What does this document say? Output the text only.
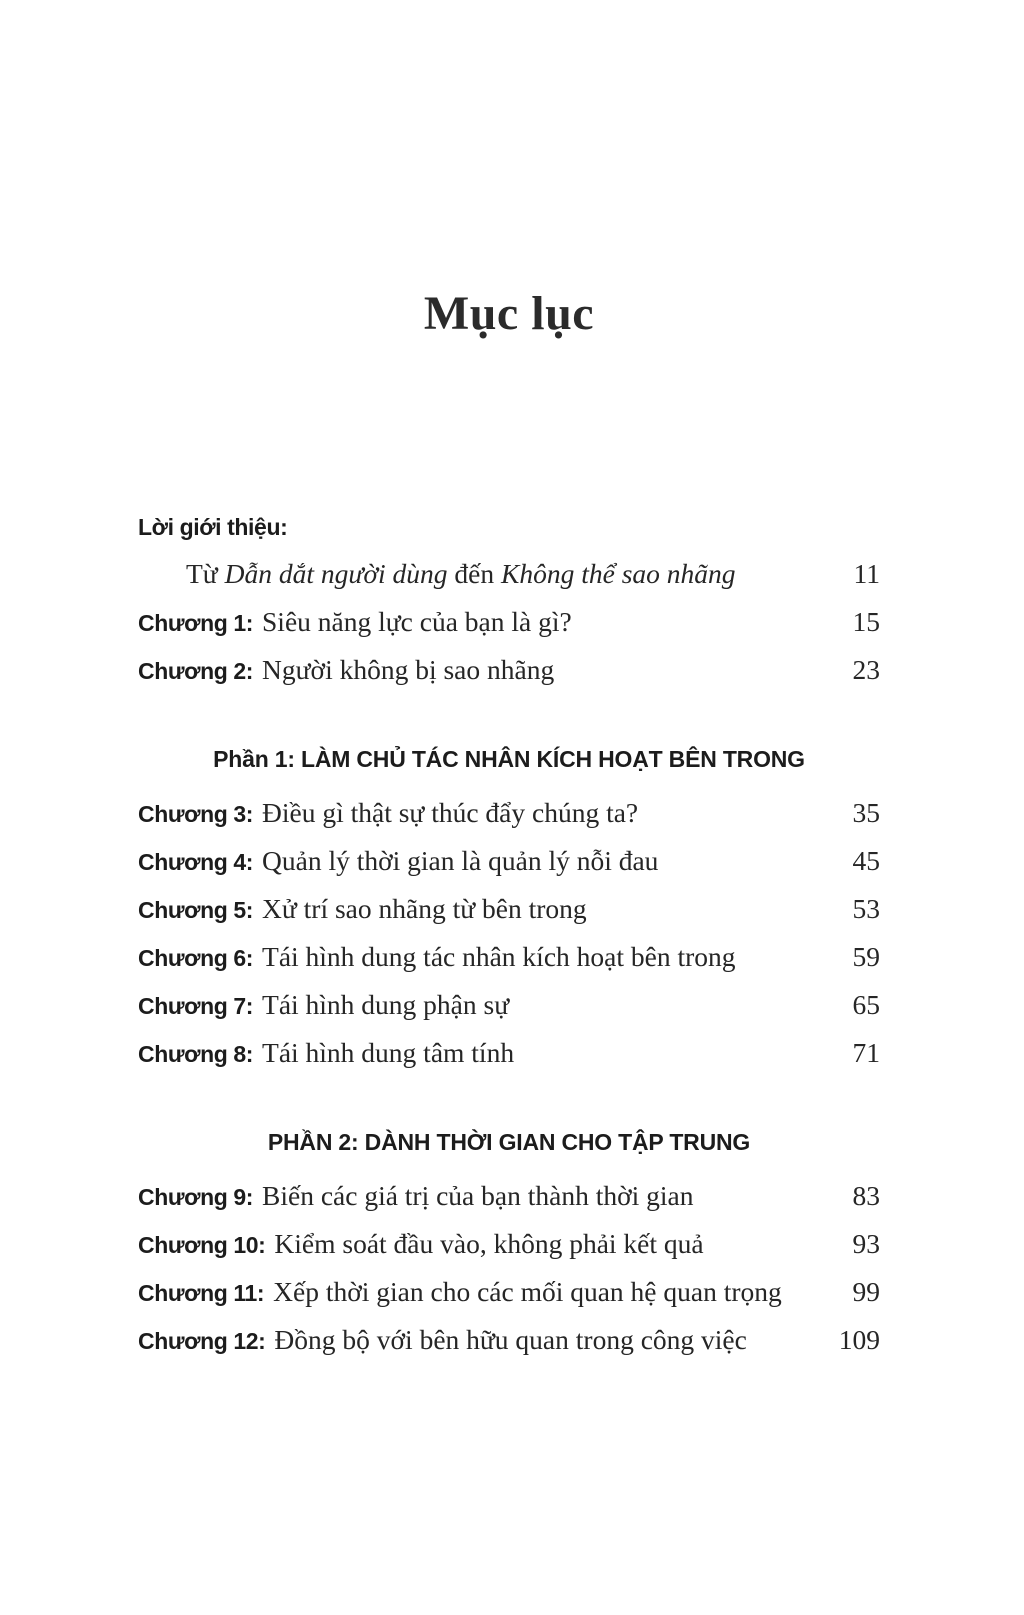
Mục lục
Lời giới thiệu:
Từ Dẫn dắt người dùng đến Không thể sao nhãng	11
Chương 1: Siêu năng lực của bạn là gì?	15
Chương 2: Người không bị sao nhãng	23
Phần 1: LÀM CHỦ TÁC NHÂN KÍCH HOẠT BÊN TRONG
Chương 3: Điều gì thật sự thúc đẩy chúng ta?	35
Chương 4: Quản lý thời gian là quản lý nỗi đau	45
Chương 5: Xử trí sao nhãng từ bên trong	53
Chương 6: Tái hình dung tác nhân kích hoạt bên trong	59
Chương 7: Tái hình dung phận sự	65
Chương 8: Tái hình dung tâm tính	71
PHẦN 2: DÀNH THỜI GIAN CHO TẬP TRUNG
Chương 9: Biến các giá trị của bạn thành thời gian	83
Chương 10: Kiểm soát đầu vào, không phải kết quả	93
Chương 11: Xếp thời gian cho các mối quan hệ quan trọng	99
Chương 12: Đồng bộ với bên hữu quan trong công việc	109
